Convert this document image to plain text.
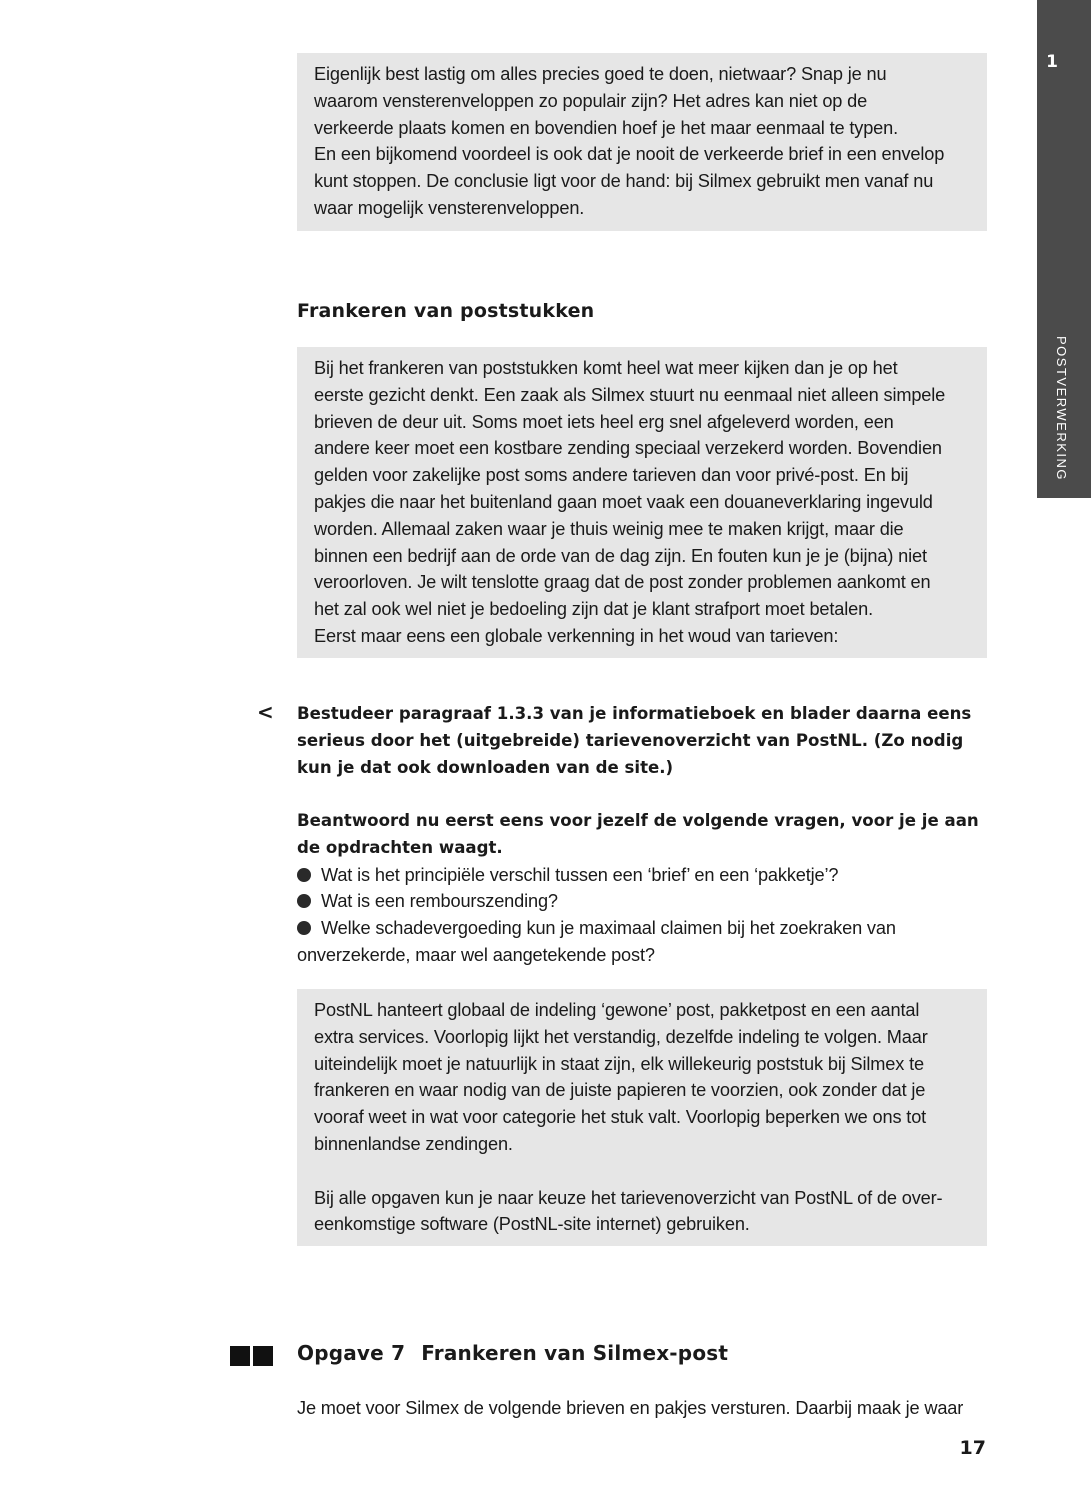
1
POSTVERWERKING

Eigenlijk best lastig om alles precies goed te doen, nietwaar? Snap je nu

waarom vensterenveloppen zo populair zijn? Het adres kan niet op de

verkeerde plaats komen en bovendien hoef je het maar eenmaal te typen.

En een bijkomend voordeel is ook dat je nooit de verkeerde brief in een envelop

kunt stoppen. De conclusie ligt voor de hand: bij Silmex gebruikt men vanaf nu

waar mogelijk vensterenveloppen.

Frankeren van poststukken

Bij het frankeren van poststukken komt heel wat meer kijken dan je op het

eerste gezicht denkt. Een zaak als Silmex stuurt nu eenmaal niet alleen simpele

brieven de deur uit. Soms moet iets heel erg snel afgeleverd worden, een

andere keer moet een kostbare zending speciaal verzekerd worden. Bovendien

gelden voor zakelijke post soms andere tarieven dan voor privé-post. En bij

pakjes die naar het buitenland gaan moet vaak een douaneverklaring ingevuld

worden. Allemaal zaken waar je thuis weinig mee te maken krijgt, maar die

binnen een bedrijf aan de orde van de dag zijn. En fouten kun je je (bijna) niet

veroorloven. Je wilt tenslotte graag dat de post zonder problemen aankomt en

het zal ook wel niet je bedoeling zijn dat je klant strafport moet betalen.

Eerst maar eens een globale verkenning in het woud van tarieven:

< Bestudeer paragraaf 1.3.3 van je informatieboek en blader daarna eens

serieus door het (uitgebreide) tarievenoverzicht van PostNL. (Zo nodig

kun je dat ook downloaden van de site.)

Beantwoord nu eerst eens voor jezelf de volgende vragen, voor je je aan

de opdrachten waagt.

Wat is het principiële verschil tussen een ‘brief’ en een ‘pakketje’?

Wat is een rembourszending?

Welke schadevergoeding kun je maximaal claimen bij het zoekraken van

onverzekerde, maar wel aangetekende post?

PostNL hanteert globaal de indeling ‘gewone’ post, pakketpost en een aantal

extra services. Voorlopig lijkt het verstandig, dezelfde indeling te volgen. Maar

uiteindelijk moet je natuurlijk in staat zijn, elk willekeurig poststuk bij Silmex te

frankeren en waar nodig van de juiste papieren te voorzien, ook zonder dat je

vooraf weet in wat voor categorie het stuk valt. Voorlopig beperken we ons tot

binnenlandse zendingen.

Bij alle opgaven kun je naar keuze het tarievenoverzicht van PostNL of de over-

eenkomstige software (PostNL-site internet) gebruiken.

Opgave 7 Frankeren van Silmex-post

Je moet voor Silmex de volgende brieven en pakjes versturen. Daarbij maak je waar

17
